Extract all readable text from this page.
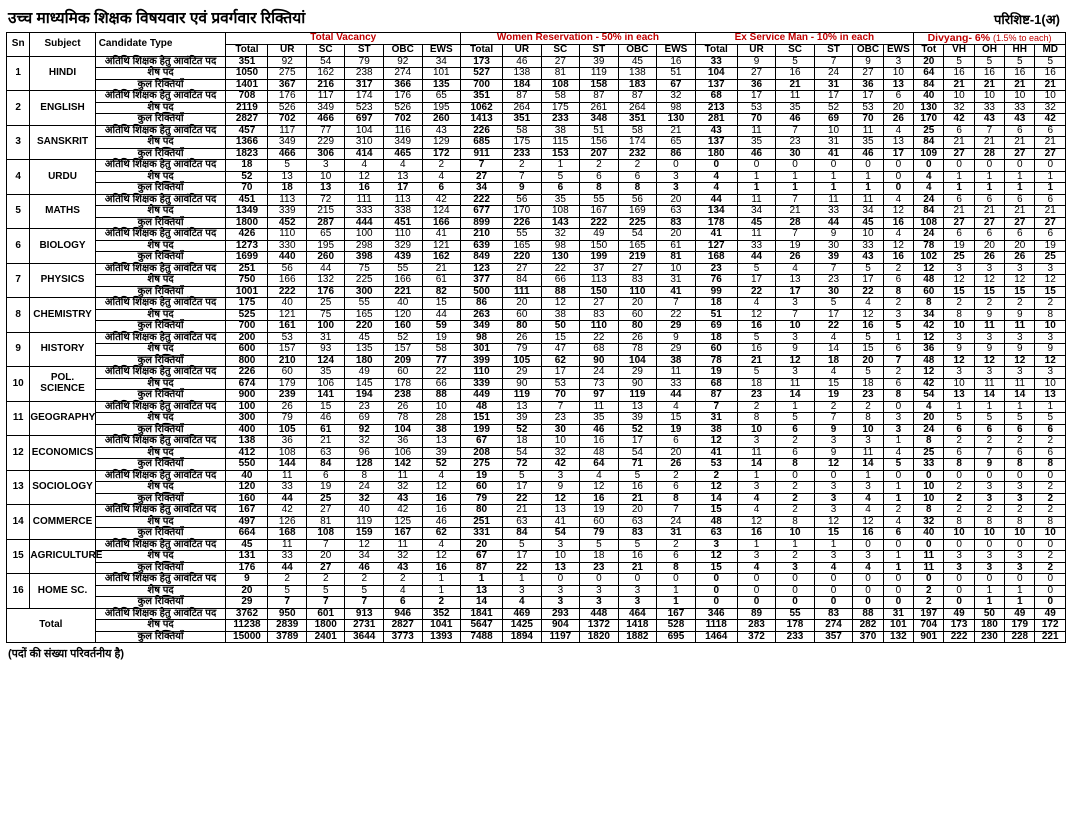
उच्च माध्यमिक शिक्षक विषयवार एवं प्रवर्गवार रिक्तियां	परिशिष्ट-1(अ)
Sn	Subject	Candidate Type	Total Vacancy						Women Reservation - 50% in each						Ex Service Man - 10% in each						Divyang- 6% (1.5% to each)				
			Total	UR	SC	ST	OBC	EWS	Total	UR	SC	ST	OBC	EWS	Total	UR	SC	ST	OBC	EWS	Tot	VH	OH	HH	MD
1	HINDI	अतिथि शिक्षक हेतु आवंटित पद	351	92	54	79	92	34	173	46	27	39	45	16	33	9	5	7	9	3	20	5	5	5	5
		शेष पद	1050	275	162	238	274	101	527	138	81	119	138	51	104	27	16	24	27	10	64	16	16	16	16
		कुल रिक्तियाँ	1401	367	216	317	366	135	700	184	108	158	183	67	137	36	21	31	36	13	84	21	21	21	21
2	ENGLISH	अतिथि शिक्षक हेतु आवंटित पद	708	176	117	174	176	65	351	87	58	87	87	32	68	17	11	17	17	6	40	10	10	10	10
		शेष पद	2119	526	349	523	526	195	1062	264	175	261	264	98	213	53	35	52	53	20	130	32	33	33	32
		कुल रिक्तियाँ	2827	702	466	697	702	260	1413	351	233	348	351	130	281	70	46	69	70	26	170	42	43	43	42
3	SANSKRIT	अतिथि शिक्षक हेतु आवंटित पद	457	117	77	104	116	43	226	58	38	51	58	21	43	11	7	10	11	4	25	6	7	6	6
		शेष पद	1366	349	229	310	349	129	685	175	115	156	174	65	137	35	23	31	35	13	84	21	21	21	21
		कुल रिक्तियाँ	1823	466	306	414	465	172	911	233	153	207	232	86	180	46	30	41	46	17	109	27	28	27	27
4	URDU	अतिथि शिक्षक हेतु आवंटित पद	18	5	3	4	4	2	7	2	1	2	2	0	0	0	0	0	0	0	0	0	0	0	0
		शेष पद	52	13	10	12	13	4	27	7	5	6	6	3	4	1	1	1	1	0	4	1	1	1	1
		कुल रिक्तियाँ	70	18	13	16	17	6	34	9	6	8	8	3	4	1	1	1	1	0	4	1	1	1	1
5	MATHS	अतिथि शिक्षक हेतु आवंटित पद	451	113	72	111	113	42	222	56	35	55	56	20	44	11	7	11	11	4	24	6	6	6	6
		शेष पद	1349	339	215	333	338	124	677	170	108	167	169	63	134	34	21	33	34	12	84	21	21	21	21
		कुल रिक्तियाँ	1800	452	287	444	451	166	899	226	143	222	225	83	178	45	28	44	45	16	108	27	27	27	27
6	BIOLOGY	अतिथि शिक्षक हेतु आवंटित पद	426	110	65	100	110	41	210	55	32	49	54	20	41	11	7	9	10	4	24	6	6	6	6
		शेष पद	1273	330	195	298	329	121	639	165	98	150	165	61	127	33	19	30	33	12	78	19	20	20	19
		कुल रिक्तियाँ	1699	440	260	398	439	162	849	220	130	199	219	81	168	44	26	39	43	16	102	25	26	26	25
7	PHYSICS	अतिथि शिक्षक हेतु आवंटित पद	251	56	44	75	55	21	123	27	22	37	27	10	23	5	4	7	5	2	12	3	3	3	3
		शेष पद	750	166	132	225	166	61	377	84	66	113	83	31	76	17	13	23	17	6	48	12	12	12	12
		कुल रिक्तियाँ	1001	222	176	300	221	82	500	111	88	150	110	41	99	22	17	30	22	8	60	15	15	15	15
8	CHEMISTRY	अतिथि शिक्षक हेतु आवंटित पद	175	40	25	55	40	15	86	20	12	27	20	7	18	4	3	5	4	2	8	2	2	2	2
		शेष पद	525	121	75	165	120	44	263	60	38	83	60	22	51	12	7	17	12	3	34	8	9	9	8
		कुल रिक्तियाँ	700	161	100	220	160	59	349	80	50	110	80	29	69	16	10	22	16	5	42	10	11	11	10
9	HISTORY	अतिथि शिक्षक हेतु आवंटित पद	200	53	31	45	52	19	98	26	15	22	26	9	18	5	3	4	5	1	12	3	3	3	3
		शेष पद	600	157	93	135	157	58	301	79	47	68	78	29	60	16	9	14	15	6	36	9	9	9	9
		कुल रिक्तियाँ	800	210	124	180	209	77	399	105	62	90	104	38	78	21	12	18	20	7	48	12	12	12	12
10	POL. SCIENCE	अतिथि शिक्षक हेतु आवंटित पद	226	60	35	49	60	22	110	29	17	24	29	11	19	5	3	4	5	2	12	3	3	3	3
		शेष पद	674	179	106	145	178	66	339	90	53	73	90	33	68	18	11	15	18	6	42	10	11	11	10
		कुल रिक्तियाँ	900	239	141	194	238	88	449	119	70	97	119	44	87	23	14	19	23	8	54	13	14	14	13
11	GEOGRAPHY	अतिथि शिक्षक हेतु आवंटित पद	100	26	15	23	26	10	48	13	7	11	13	4	7	2	1	2	2	0	4	1	1	1	1
		शेष पद	300	79	46	69	78	28	151	39	23	35	39	15	31	8	5	7	8	3	20	5	5	5	5
		कुल रिक्तियाँ	400	105	61	92	104	38	199	52	30	46	52	19	38	10	6	9	10	3	24	6	6	6	6
12	ECONOMICS	अतिथि शिक्षक हेतु आवंटित पद	138	36	21	32	36	13	67	18	10	16	17	6	12	3	2	3	3	1	8	2	2	2	2
		शेष पद	412	108	63	96	106	39	208	54	32	48	54	20	41	11	6	9	11	4	25	6	7	6	6
		कुल रिक्तियाँ	550	144	84	128	142	52	275	72	42	64	71	26	53	14	8	12	14	5	33	8	9	8	8
13	SOCIOLOGY	अतिथि शिक्षक हेतु आवंटित पद	40	11	6	8	11	4	19	5	3	4	5	2	2	1	0	0	1	0	0	0	0	0	0
		शेष पद	120	33	19	24	32	12	60	17	9	12	16	6	12	3	2	3	3	1	10	2	3	3	2
		कुल रिक्तियाँ	160	44	25	32	43	16	79	22	12	16	21	8	14	4	2	3	4	1	10	2	3	3	2
14	COMMERCE	अतिथि शिक्षक हेतु आवंटित पद	167	42	27	40	42	16	80	21	13	19	20	7	15	4	2	3	4	2	8	2	2	2	2
		शेष पद	497	126	81	119	125	46	251	63	41	60	63	24	48	12	8	12	12	4	32	8	8	8	8
		कुल रिक्तियाँ	664	168	108	159	167	62	331	84	54	79	83	31	63	16	10	15	16	6	40	10	10	10	10
15	AGRICULTURE	अतिथि शिक्षक हेतु आवंटित पद	45	11	7	12	11	4	20	5	3	5	5	2	3	1	1	1	0	0	0	0	0	0	0
		शेष पद	131	33	20	34	32	12	67	17	10	18	16	6	12	3	2	3	3	1	11	3	3	3	2
		कुल रिक्तियाँ	176	44	27	46	43	16	87	22	13	23	21	8	15	4	3	4	4	1	11	3	3	3	2
16	HOME SC.	अतिथि शिक्षक हेतु आवंटित पद	9	2	2	2	2	1	1	1	0	0	0	0	0	0	0	0	0	0	0	0	0	0	0
		शेष पद	20	5	5	5	4	1	13	3	3	3	3	1	0	0	0	0	0	0	2	0	1	1	0
		कुल रिक्तियाँ	29	7	7	7	6	2	14	4	3	3	3	1	0	0	0	0	0	0	2	0	1	1	0
Total		अतिथि शिक्षक हेतु आवंटित पद	3762	950	601	913	946	352	1841	469	293	448	464	167	346	89	55	83	88	31	197	49	50	49	49
		शेष पद	11238	2839	1800	2731	2827	1041	5647	1425	904	1372	1418	528	1118	283	178	274	282	101	704	173	180	179	172
		कुल रिक्तियाँ	15000	3789	2401	3644	3773	1393	7488	1894	1197	1820	1882	695	1464	372	233	357	370	132	901	222	230	228	221
(पदों की संख्या परिवर्तनीय है)
